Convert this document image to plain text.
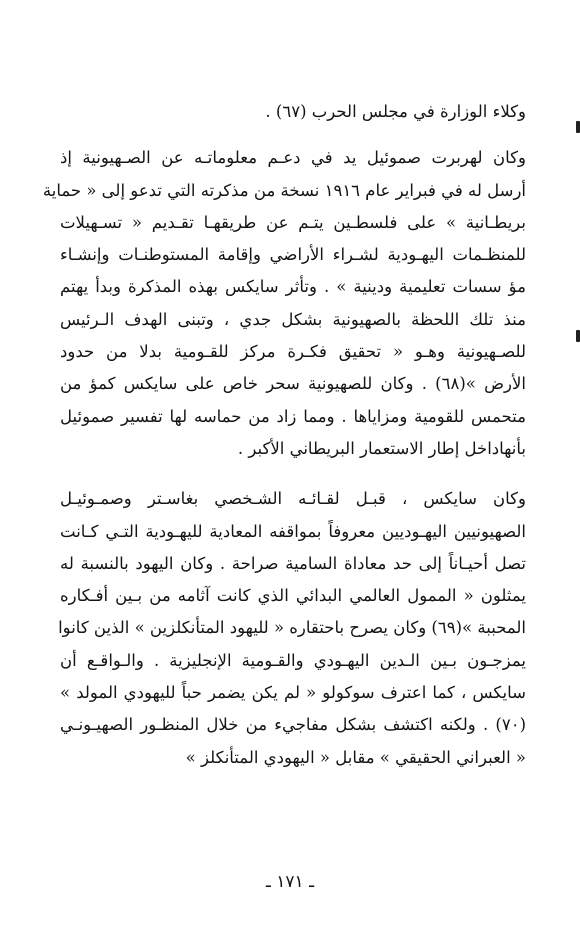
وكلاء الوزارة في مجلس الحرب (٦٧) .
وكان لهربرت صموئيل يد في دعـم معلوماتـه عن الصـهيونية إذ
أرسل له في فبراير عام ١٩١٦ نسخة من مذكرته التي تدعو إلى « حماية
بريطـانية » على فلسطـين يتـم عن طريقهـا تقـديم « تسـهيلات
للمنظـمات اليهـودية لشـراء الأراضي وإقامة المستوطنـات وإنشـاء
مؤ سسات تعليمية ودينية » . وتأثر سايكس بهذه المذكرة وبدأ يهتم
منذ تلك اللحظة بالصهيونية بشكل جدي ، وتبنى الهدف الـرئيس
للصـهيونية وهـو « تحقيق فكـرة مركز للقـومية بدلا من حدود
الأرض »(٦٨) . وكان للصهيونية سحر خاص على سايكس كمؤ من
متحمس للقومية ومزاياها . ومما زاد من حماسه لها تفسير صموئيل
بأنهاداخل إطار الاستعمار البريطاني الأكبر .
وكان سايكس ، قبـل لقـائـه الشـخصي بغاسـتر وصمـوئيـل
الصهيونيين اليهـوديين معروفاً بمواقفه المعادية لليهـودية التـي كـانت
تصل أحيـاناً إلى حد معاداة السامية صراحة . وكان اليهود بالنسبة له
يمثلون « الممول العالمي البدائي الذي كانت آثامه من بـين أفـكاره
المحببة »(٦٩) وكان يصرح باحتقاره « لليهود المتأنكلزين » الذين كانوا
يمزجـون بـين الـدين اليهـودي والقـومية الإنجليزية . والـواقـع أن
سايكس ، كما اعترف سوكولو « لم يكن يضمر حباً لليهودي المولد »
(٧٠) . ولكنه اكتشف بشكل مفاجيء من خلال المنظـور الصهيـونـي
« العبراني الحقيقي » مقابل « اليهودي المتأنكلز »
ـ ١٧١ ـ
